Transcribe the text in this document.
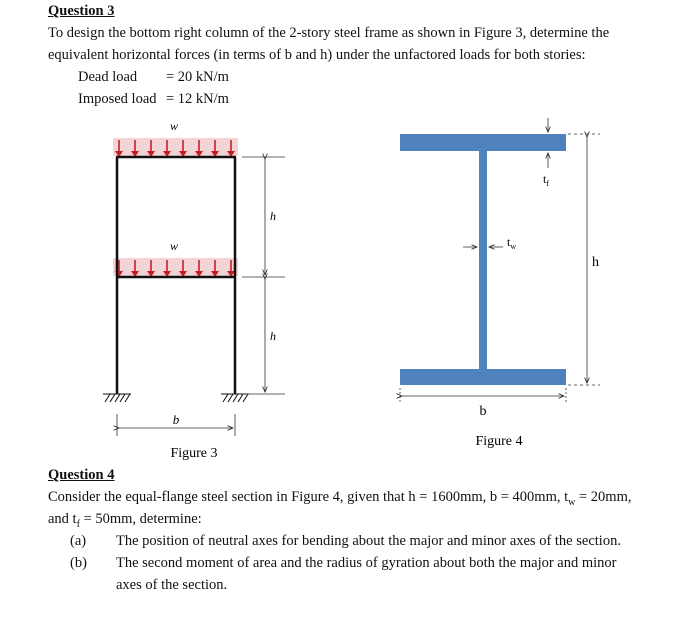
Question 3
To design the bottom right column of the 2-story steel frame as shown in Figure 3, determine the
equivalent horizontal forces (in terms of b and h) under the unfactored loads for both stories:
Dead load = 20 kN/m
Imposed load = 12 kN/m
w
w
h
h
b
Figure 3
$t_f$
$t_w$
h
b
Figure 4
Question 4
Consider the equal-flange steel section in Figure 4, given that h = 1600mm, b = 400mm, $t_w = 20mm$,
and $t_f = 50mm$, determine:
(a) The position of neutral axes for bending about the major and minor axes of the section.
(b) The second moment of area and the radius of gyration about both the major and minor
axes of the section.
